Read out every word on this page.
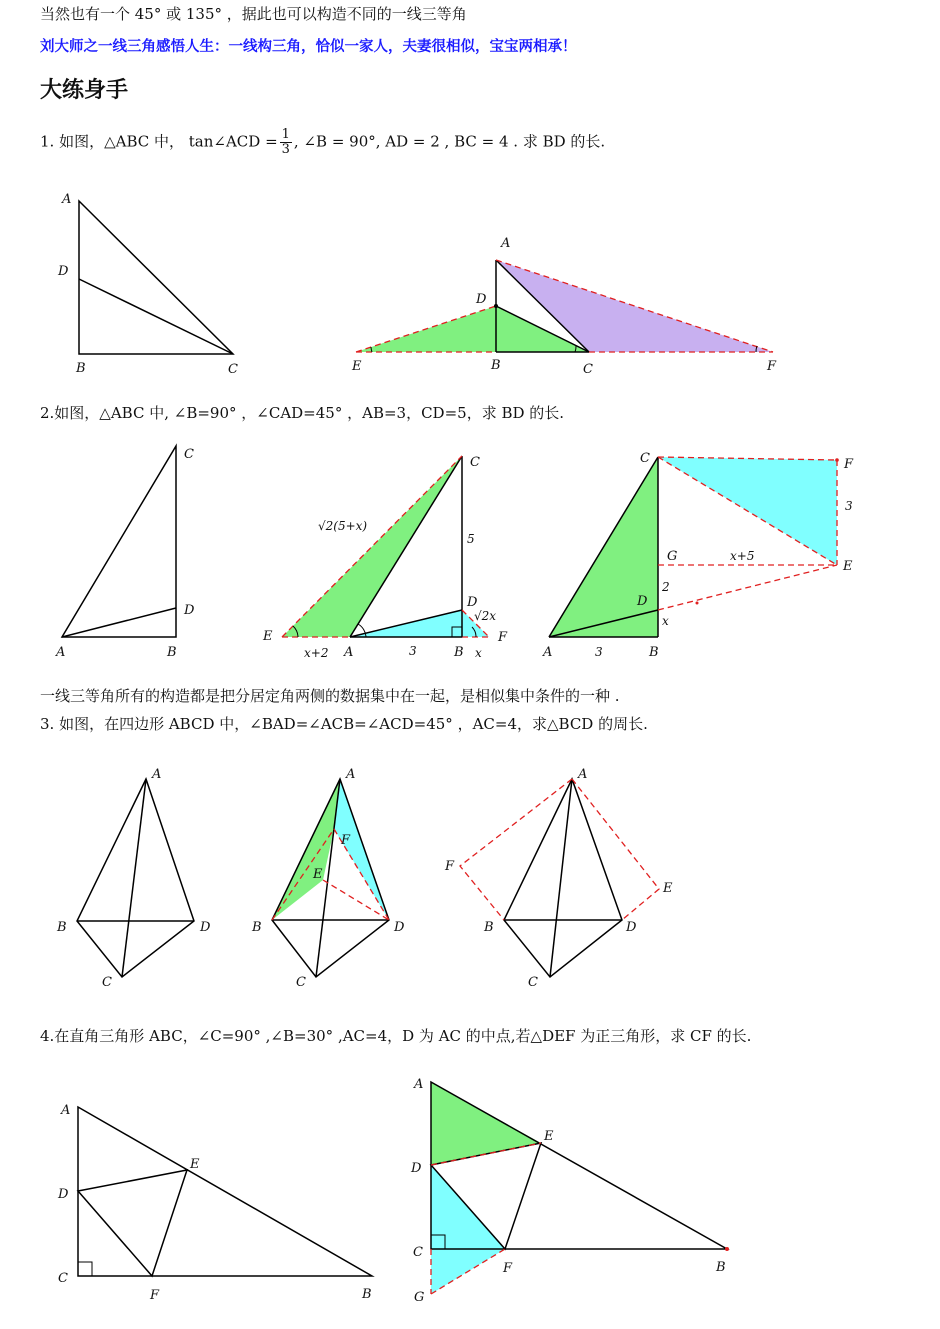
当然也有一个 45° 或 135° ，据此也可以构造不同的一线三等角
刘大师之一线三角感悟人生：一线构三角，恰似一家人，夫妻很相似，宝宝两相承！
大练身手
1. 如图，△ABC 中， tan∠ACD = $\frac{1}{3}$ , ∠B = 90°, AD = 2 , BC = 4 . 求 BD 的长.
2.如图，△ABC 中, ∠B=90° ，∠CAD=45° ，AB=3，CD=5，求 BD 的长.
一线三等角所有的构造都是把分居定角两侧的数据集中在一起，是相似集中条件的一种 .
3. 如图，在四边形 ABCD 中，∠BAD=∠ACB=∠ACD=45° ，AC=4，求△BCD 的周长.
4.在直角三角形 ABC，∠C=90° ,∠B=30° ,AC=4，D 为 AC 的中点,若△DEF 为正三角形，求 CF 的长.
A
D
B	C
A
D
E	B	C	F
C
D
A	B
C
5
D
√2x
√2(5+x)
E
A	B
F
x+2	3	x
C	F
3
E
G	x+5
2
D
x
A	3	B
A
B	D
C
A
F
E
B	D
C
A
F
E
B	D
C
A
D
E
C
F	B
A
E
D
C
F	B
G
